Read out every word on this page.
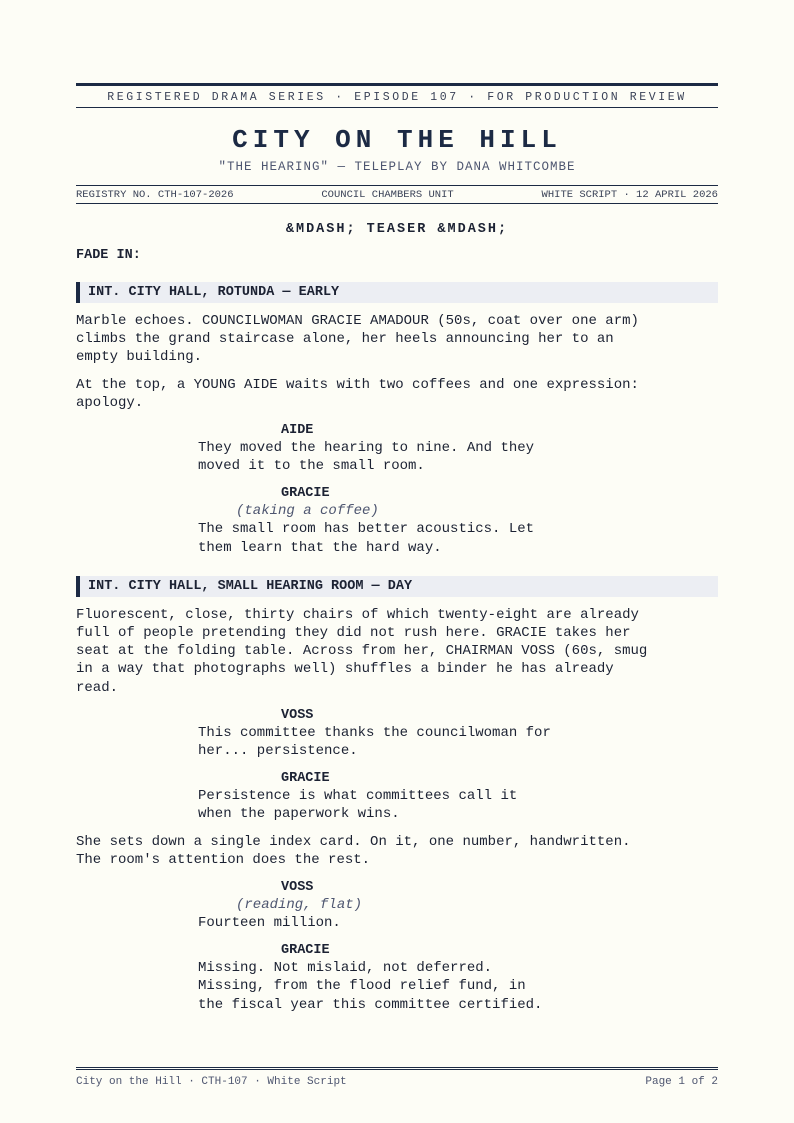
REGISTERED DRAMA SERIES · EPISODE 107 · FOR PRODUCTION REVIEW
CITY ON THE HILL
"THE HEARING" — TELEPLAY BY DANA WHITCOMBE
REGISTRY NO. CTH-107-2026	COUNCIL CHAMBERS UNIT	WHITE SCRIPT · 12 APRIL 2026
&MDASH; TEASER &MDASH;
FADE IN:
INT. CITY HALL, ROTUNDA — EARLY
Marble echoes. COUNCILWOMAN GRACIE AMADOUR (50s, coat over one arm)
climbs the grand staircase alone, her heels announcing her to an
empty building.
At the top, a YOUNG AIDE waits with two coffees and one expression:
apology.
AIDE
They moved the hearing to nine. And they
moved it to the small room.
GRACIE
(taking a coffee)
The small room has better acoustics. Let
them learn that the hard way.
INT. CITY HALL, SMALL HEARING ROOM — DAY
Fluorescent, close, thirty chairs of which twenty-eight are already
full of people pretending they did not rush here. GRACIE takes her
seat at the folding table. Across from her, CHAIRMAN VOSS (60s, smug
in a way that photographs well) shuffles a binder he has already
read.
VOSS
This committee thanks the councilwoman for
her... persistence.
GRACIE
Persistence is what committees call it
when the paperwork wins.
She sets down a single index card. On it, one number, handwritten.
The room's attention does the rest.
VOSS
(reading, flat)
Fourteen million.
GRACIE
Missing. Not mislaid, not deferred.
Missing, from the flood relief fund, in
the fiscal year this committee certified.
City on the Hill · CTH-107 · White Script	Page 1 of 2
